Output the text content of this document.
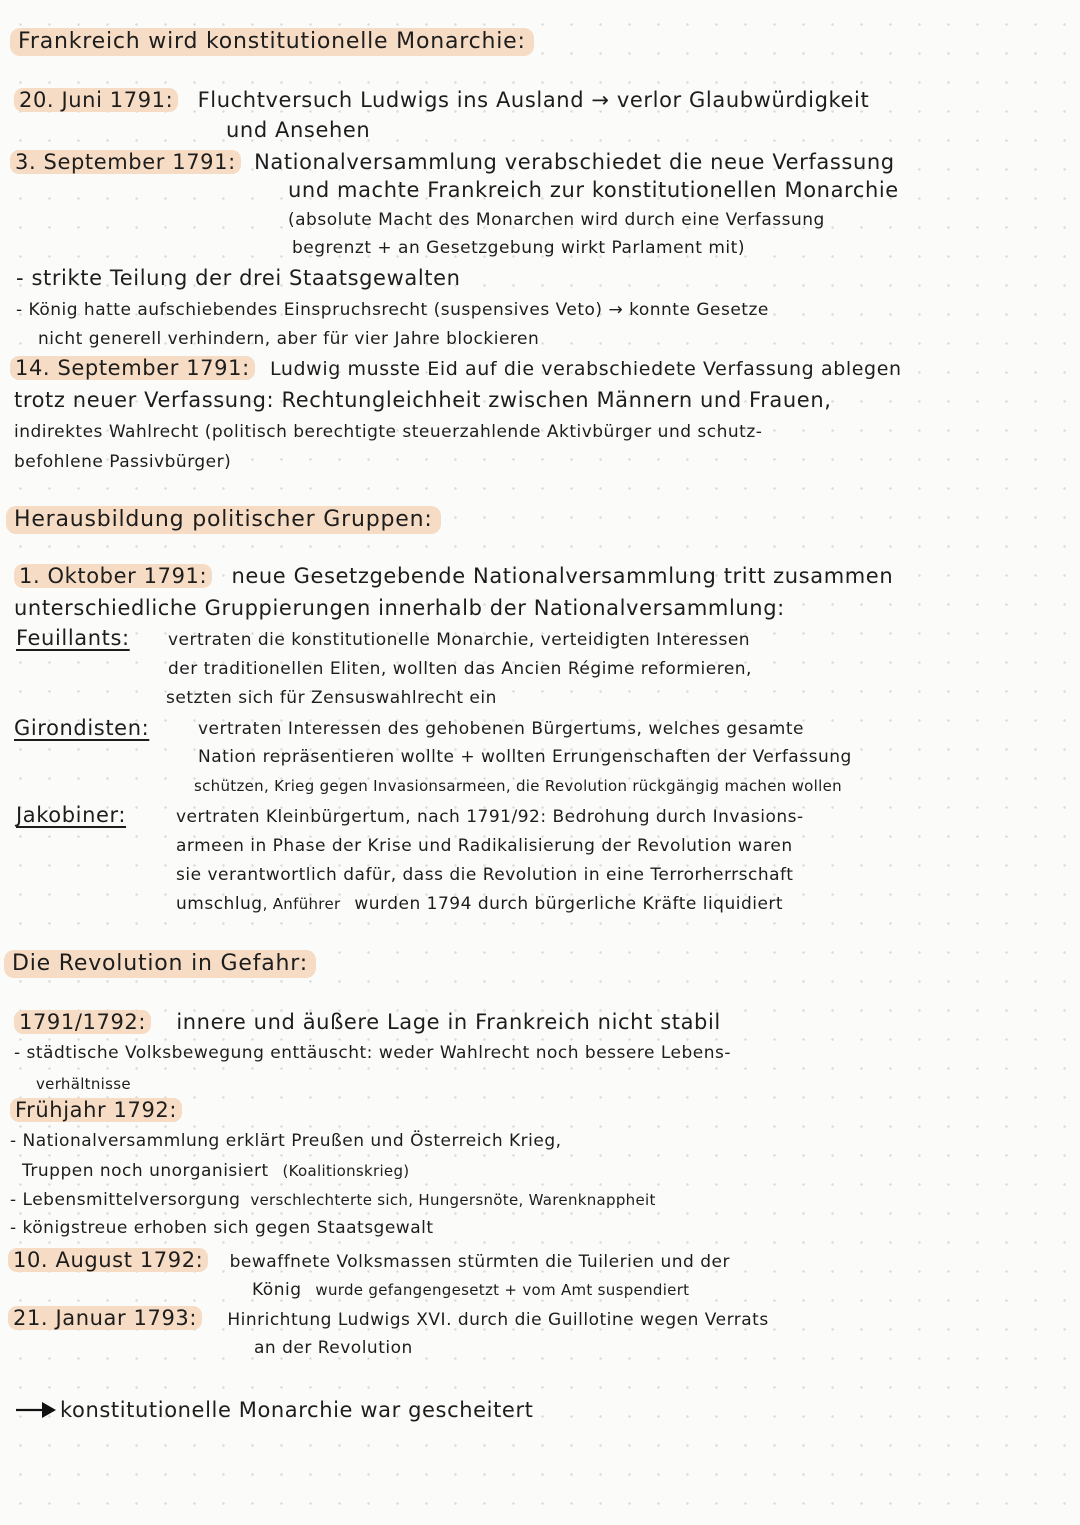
Frankreich wird konstitutionelle Monarchie:
20. Juni 1791: Fluchtversuch Ludwigs ins Ausland → verlor Glaubwürdigkeit
und Ansehen
3. September 1791: Nationalversammlung verabschiedet die neue Verfassung
und machte Frankreich zur konstitutionellen Monarchie
(absolute Macht des Monarchen wird durch eine Verfassung
begrenzt + an Gesetzgebung wirkt Parlament mit)
- strikte Teilung der drei Staatsgewalten
- König hatte aufschiebendes Einspruchsrecht (suspensives Veto) → konnte Gesetze
nicht generell verhindern, aber für vier Jahre blockieren
14. September 1791: Ludwig musste Eid auf die verabschiedete Verfassung ablegen
trotz neuer Verfassung: Rechtungleichheit zwischen Männern und Frauen,
indirektes Wahlrecht (politisch berechtigte steuerzahlende Aktivbürger und schutz-
befohlene Passivbürger)
Herausbildung politischer Gruppen:
1. Oktober 1791: neue Gesetzgebende Nationalversammlung tritt zusammen
unterschiedliche Gruppierungen innerhalb der Nationalversammlung:
Feuillants: vertraten die konstitutionelle Monarchie, verteidigten Interessen
der traditionellen Eliten, wollten das Ancien Régime reformieren,
setzten sich für Zensuswahlrecht ein
Girondisten:	vertraten Interessen des gehobenen Bürgertums, welches gesamte
Nation repräsentieren wollte + wollten Errungenschaften der Verfassung
schützen, Krieg gegen Invasionsarmeen, die Revolution rückgängig machen wollen
Jakobiner:	vertraten Kleinbürgertum, nach 1791/92: Bedrohung durch Invasions-
armeen in Phase der Krise und Radikalisierung der Revolution waren
sie verantwortlich dafür, dass die Revolution in eine Terrorherrschaft
umschlug, Anführer wurden 1794 durch bürgerliche Kräfte liquidiert
Die Revolution in Gefahr:
1791/1792: innere und äußere Lage in Frankreich nicht stabil
- städtische Volksbewegung enttäuscht: weder Wahlrecht noch bessere Lebens-
verhältnisse
Frühjahr 1792:
- Nationalversammlung erklärt Preußen und Österreich Krieg,
Truppen noch unorganisiert (Koalitionskrieg)
- Lebensmittelversorgung verschlechterte sich, Hungersnöte, Warenknappheit
- königstreue erhoben sich gegen Staatsgewalt
10. August 1792: bewaffnete Volksmassen stürmten die Tuilerien und der
König wurde gefangengesetzt + vom Amt suspendiert
21. Januar 1793: Hinrichtung Ludwigs XVI. durch die Guillotine wegen Verrats
an der Revolution
konstitutionelle Monarchie war gescheitert
